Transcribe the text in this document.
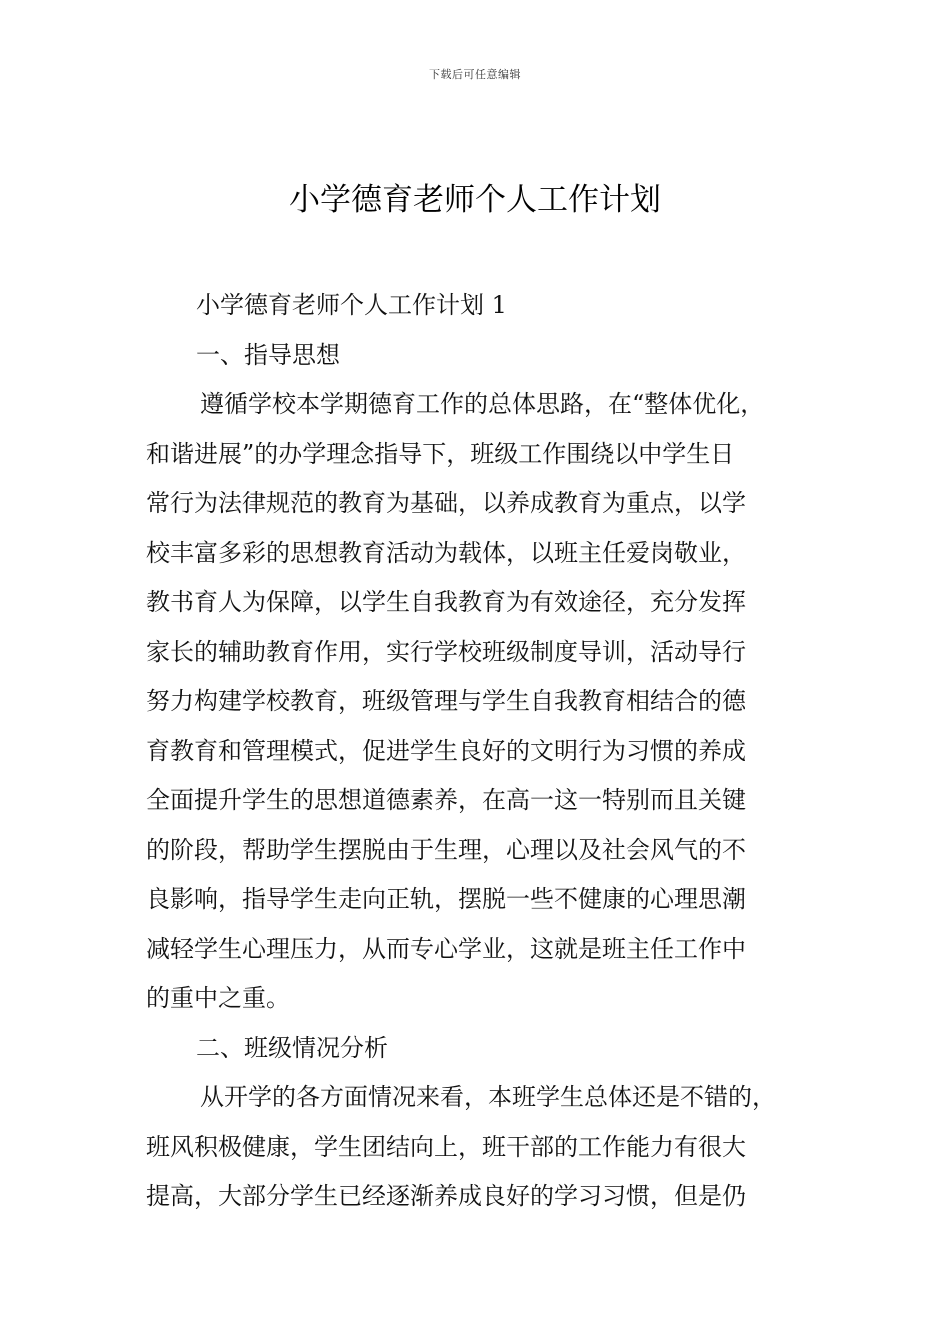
下载后可任意编辑
小学德育老师个人工作计划

小学德育老师个人工作计划 1

一、指导思想

遵循学校本学期德育工作的总体思路，在“整体优化，

和谐进展”的办学理念指导下，班级工作围绕以中学生日

常行为法律规范的教育为基础，以养成教育为重点，以学

校丰富多彩的思想教育活动为载体，以班主任爱岗敬业，

教书育人为保障，以学生自我教育为有效途径，充分发挥

家长的辅助教育作用，实行学校班级制度导训，活动导行

努力构建学校教育，班级管理与学生自我教育相结合的德

育教育和管理模式，促进学生良好的文明行为习惯的养成

全面提升学生的思想道德素养，在高一这一特别而且关键

的阶段，帮助学生摆脱由于生理，心理以及社会风气的不

良影响，指导学生走向正轨，摆脱一些不健康的心理思潮

减轻学生心理压力，从而专心学业，这就是班主任工作中

的重中之重。

二、班级情况分析

从开学的各方面情况来看，本班学生总体还是不错的，

班风积极健康，学生团结向上，班干部的工作能力有很大

提高，大部分学生已经逐渐养成良好的学习习惯，但是仍
